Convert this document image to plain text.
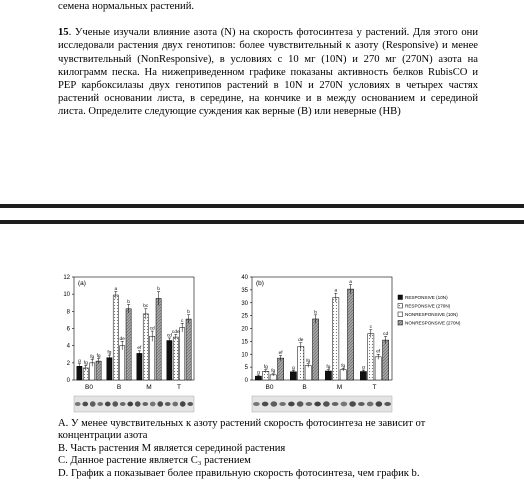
семена нормальных растений.

15. Ученые изучали влияние азота (N) на скорость фотосинтеза у растений. Для этого они исследовали растения двух генотипов: более чувствительный к азоту (Responsive) и менее чувствительный (NonResponsive), в условиях с 10 мг (10N) и 270 мг (270N) азота на килограмм песка. На нижеприведенном графике показаны активность белков RubisCO и PEP карбоксилазы двух генотипов растений в 10N и 270N условиях в четырех частях растений основании листа, в середине, на кончике и в между основанием и серединой листа. Определите следующие суждения как верные (В) или неверные (НВ)

0
2
4
6
8
10
12
(a)
g fg
fg fg
B0
fg
a
de
b
B
ef
bc
cd
b
M
cd
cde
c
b
T
0
5
10
15
20
25
30
35
40
(b)
g
fg
fg
ef
B0
g
de
fg
b
B
fg
a
fg
a
M
g
c
ef
cd
T
RESPONSIVE (10N)
RESPONSIVE (270N)
NONRESPONSIVE (10N)
NONRESPONSIVE (270N)

A. У менее чувствительных к азоту растений скорость фотосинтеза не зависит от концентрации азота

B. Часть растения M является серединой растения

C. Данное растение является C₃ растением

D. График a показывает более правильную скорость фотосинтеза, чем график b.
